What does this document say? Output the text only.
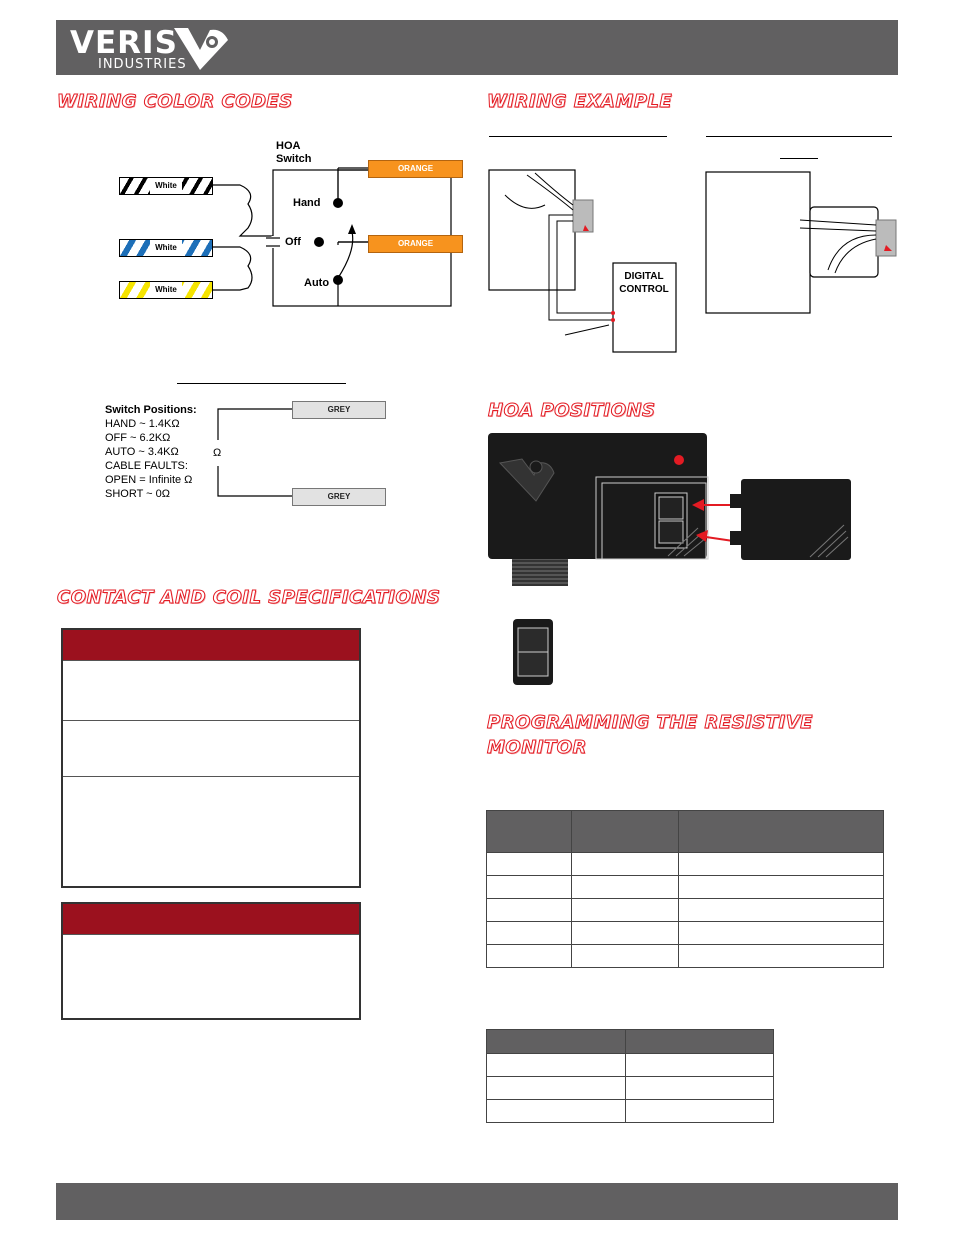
VERIS
INDUSTRIES
WIRING COLOR CODES	WIRING EXAMPLE
HOA POSITIONS
CONTACT AND COIL SPECIFICATIONS
PROGRAMMING THE RESISTIVE MONITOR
HOA
Switch
Hand
Off
Auto
White
White
White
ORANGE
ORANGE
Switch Positions:
HAND ~ 1.4KΩ
OFF ~ 6.2KΩ
AUTO ~ 3.4KΩ
CABLE FAULTS:
OPEN = Infinite Ω
SHORT ~ 0Ω
Ω
GREY
GREY
DIGITAL
CONTROL
